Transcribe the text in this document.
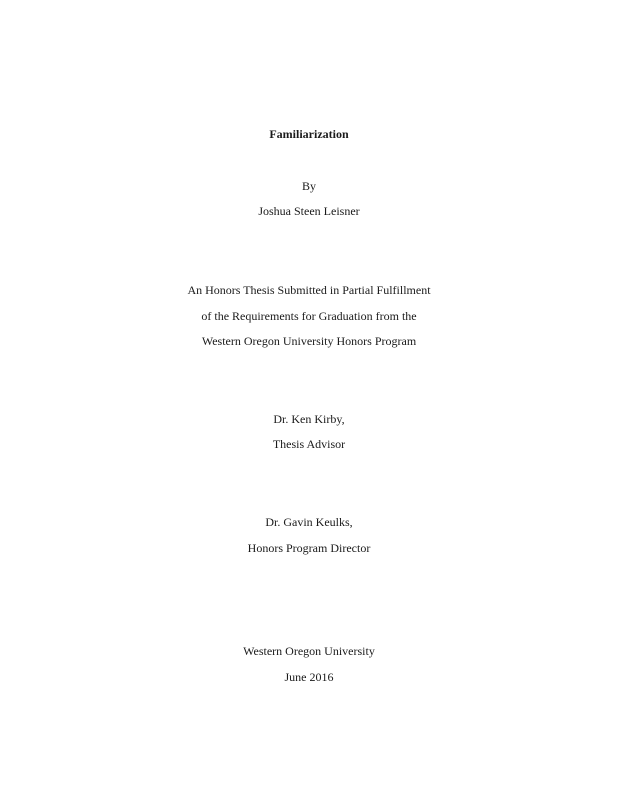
Familiarization
By
Joshua Steen Leisner
An Honors Thesis Submitted in Partial Fulfillment
of the Requirements for Graduation from the
Western Oregon University Honors Program
Dr. Ken Kirby,
Thesis Advisor
Dr. Gavin Keulks,
Honors Program Director
Western Oregon University
June 2016
